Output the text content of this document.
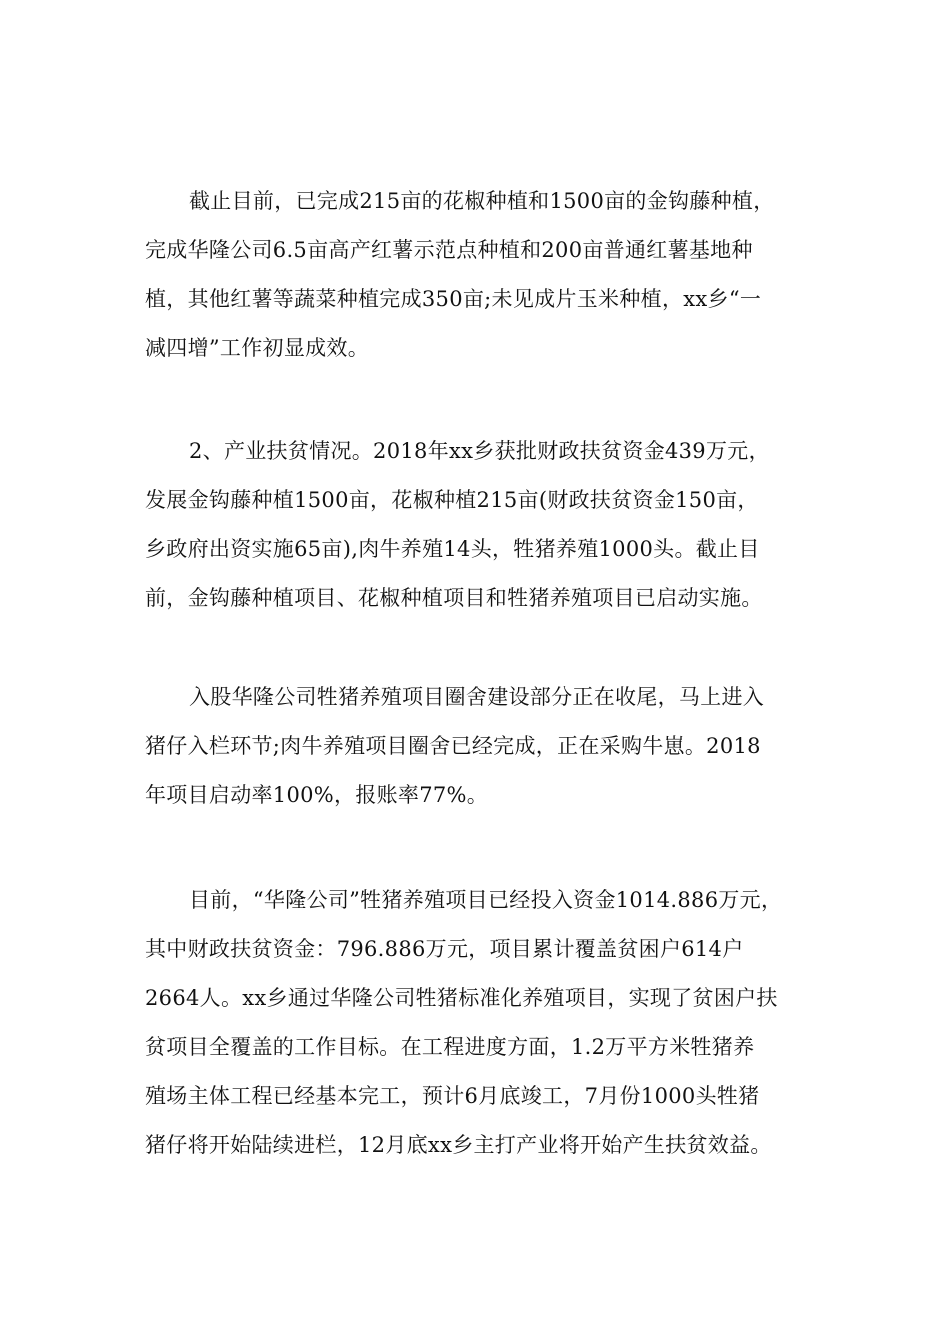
截止目前，已完成215亩的花椒种植和1500亩的金钩藤种植，
完成华隆公司6.5亩高产红薯示范点种植和200亩普通红薯基地种
植，其他红薯等蔬菜种植完成350亩;未见成片玉米种植，xx乡“一
减四增”工作初显成效。
2、产业扶贫情况。2018年xx乡获批财政扶贫资金439万元，
发展金钩藤种植1500亩，花椒种植215亩(财政扶贫资金150亩，
乡政府出资实施65亩),肉牛养殖14头，牲猪养殖1000头。截止目
前，金钩藤种植项目、花椒种植项目和牲猪养殖项目已启动实施。
入股华隆公司牲猪养殖项目圈舍建设部分正在收尾，马上进入
猪仔入栏环节;肉牛养殖项目圈舍已经完成，正在采购牛崽。2018
年项目启动率100%，报账率77%。
目前，“华隆公司”牲猪养殖项目已经投入资金1014.886万元，
其中财政扶贫资金：796.886万元，项目累计覆盖贫困户614户
2664人。xx乡通过华隆公司牲猪标准化养殖项目，实现了贫困户扶
贫项目全覆盖的工作目标。在工程进度方面，1.2万平方米牲猪养
殖场主体工程已经基本完工，预计6月底竣工，7月份1000头牲猪
猪仔将开始陆续进栏，12月底xx乡主打产业将开始产生扶贫效益。
